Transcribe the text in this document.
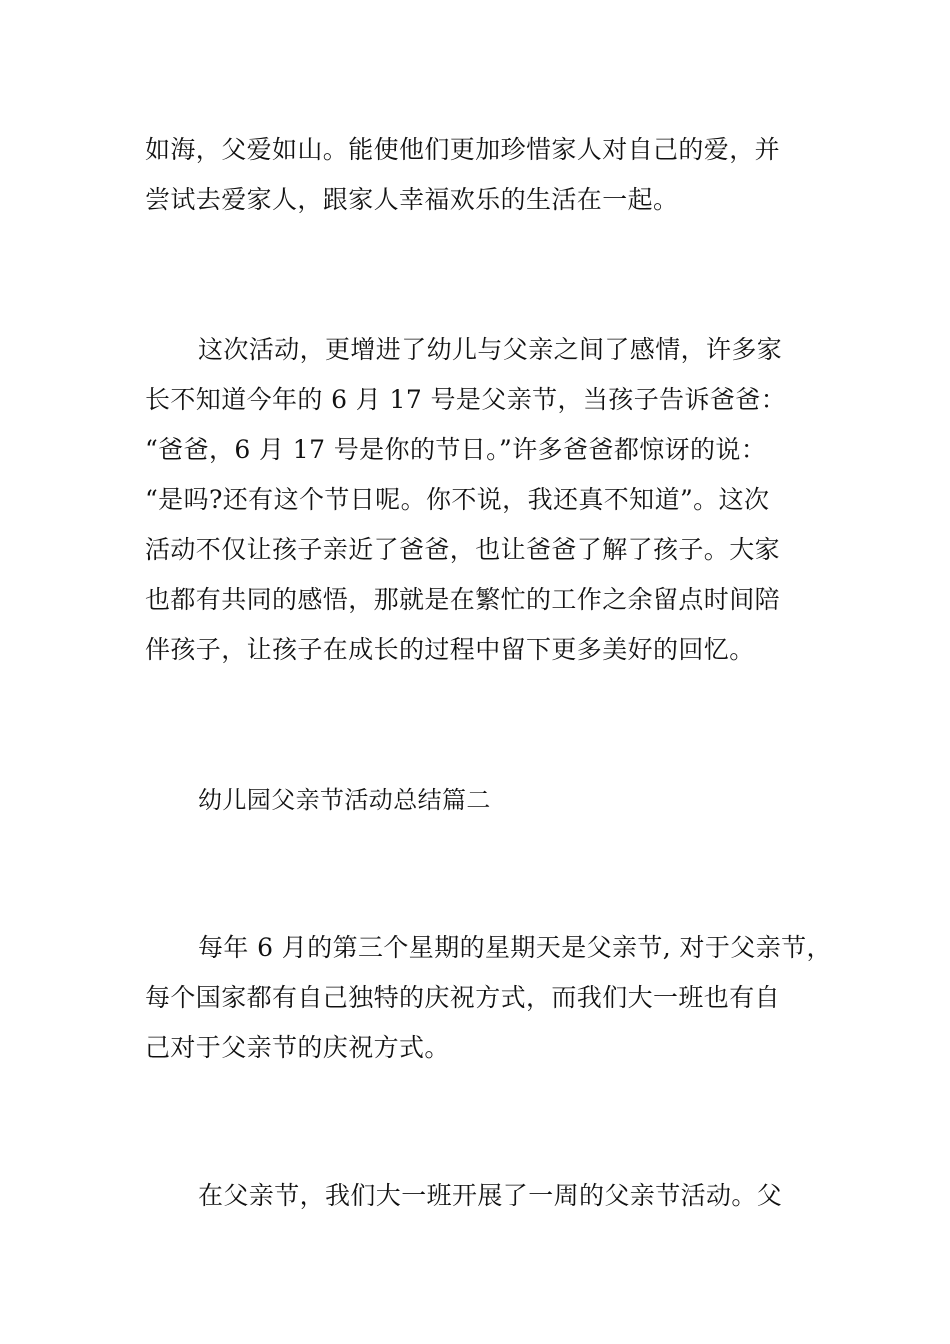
如海，父爱如山。能使他们更加珍惜家人对自己的爱，并
尝试去爱家人，跟家人幸福欢乐的生活在一起。
这次活动，更增进了幼儿与父亲之间了感情，许多家
长不知道今年的 6 月 17 号是父亲节，当孩子告诉爸爸：
“爸爸，6 月 17 号是你的节日。”许多爸爸都惊讶的说：
“是吗?还有这个节日呢。你不说，我还真不知道”。这次
活动不仅让孩子亲近了爸爸，也让爸爸了解了孩子。大家
也都有共同的感悟，那就是在繁忙的工作之余留点时间陪
伴孩子，让孩子在成长的过程中留下更多美好的回忆。
幼儿园父亲节活动总结篇二
每年 6 月的第三个星期的星期天是父亲节, 对于父亲节，
每个国家都有自己独特的庆祝方式，而我们大一班也有自
己对于父亲节的庆祝方式。
在父亲节，我们大一班开展了一周的父亲节活动。父
